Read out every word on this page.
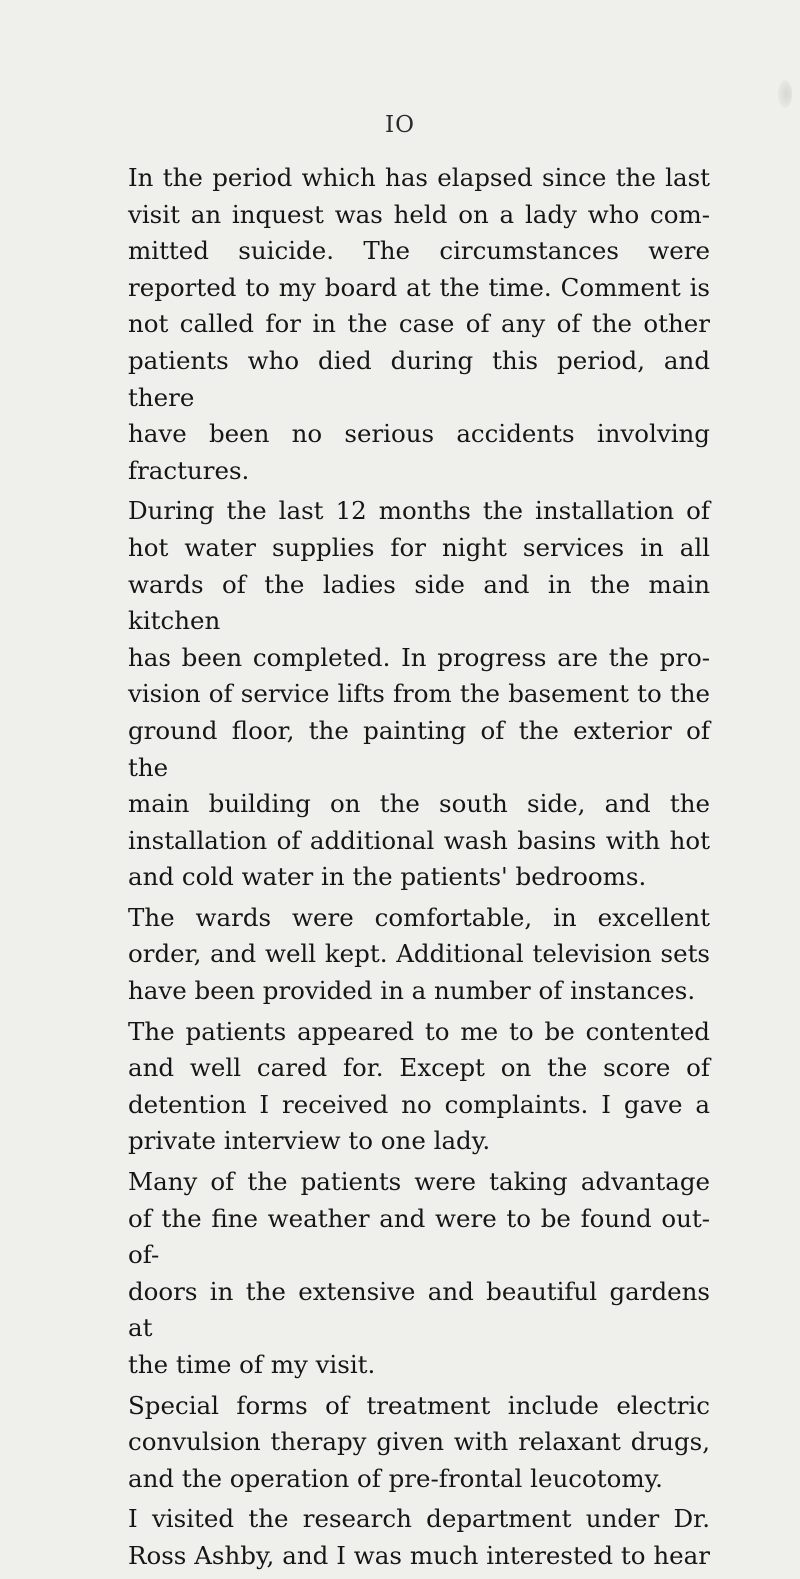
IO

In the period which has elapsed since the last
visit an inquest was held on a lady who com-
mitted suicide. The circumstances were
reported to my board at the time. Comment is
not called for in the case of any of the other
patients who died during this period, and there
have been no serious accidents involving
fractures.

During the last 12 months the installation of
hot water supplies for night services in all
wards of the ladies side and in the main kitchen
has been completed. In progress are the pro-
vision of service lifts from the basement to the
ground floor, the painting of the exterior of the
main building on the south side, and the
installation of additional wash basins with hot
and cold water in the patients' bedrooms.

The wards were comfortable, in excellent
order, and well kept. Additional television sets
have been provided in a number of instances.

The patients appeared to me to be contented
and well cared for. Except on the score of
detention I received no complaints. I gave a
private interview to one lady.

Many of the patients were taking advantage
of the fine weather and were to be found out-of-
doors in the extensive and beautiful gardens at
the time of my visit.

Special forms of treatment include electric
convulsion therapy given with relaxant drugs,
and the operation of pre-frontal leucotomy.

I visited the research department under Dr.
Ross Ashby, and I was much interested to hear
